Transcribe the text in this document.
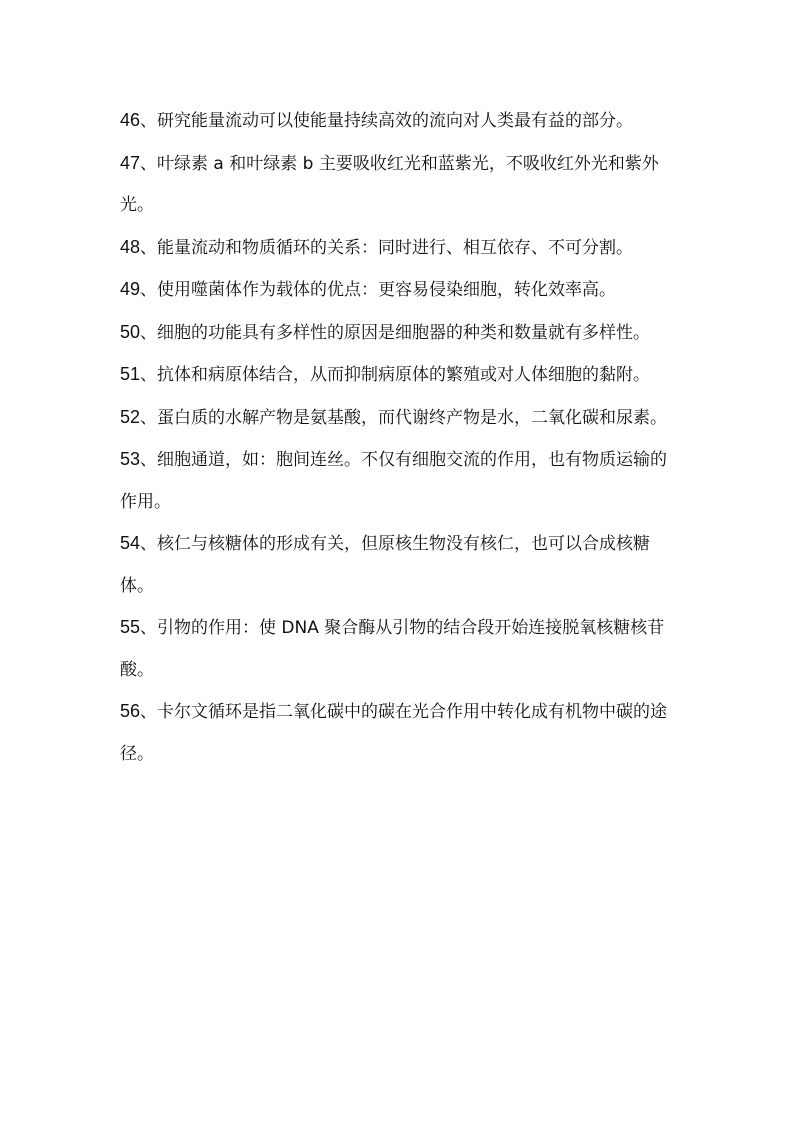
46、研究能量流动可以使能量持续高效的流向对人类最有益的部分。

47、叶绿素 a 和叶绿素 b 主要吸收红光和蓝紫光，不吸收红外光和紫外光。

48、能量流动和物质循环的关系：同时进行、相互依存、不可分割。

49、使用噬菌体作为载体的优点：更容易侵染细胞，转化效率高。

50、细胞的功能具有多样性的原因是细胞器的种类和数量就有多样性。

51、抗体和病原体结合，从而抑制病原体的繁殖或对人体细胞的黏附。

52、蛋白质的水解产物是氨基酸，而代谢终产物是水，二氧化碳和尿素。

53、细胞通道，如：胞间连丝。不仅有细胞交流的作用，也有物质运输的作用。

54、核仁与核糖体的形成有关，但原核生物没有核仁，也可以合成核糖体。

55、引物的作用：使 DNA 聚合酶从引物的结合段开始连接脱氧核糖核苷酸。

56、卡尔文循环是指二氧化碳中的碳在光合作用中转化成有机物中碳的途径。
